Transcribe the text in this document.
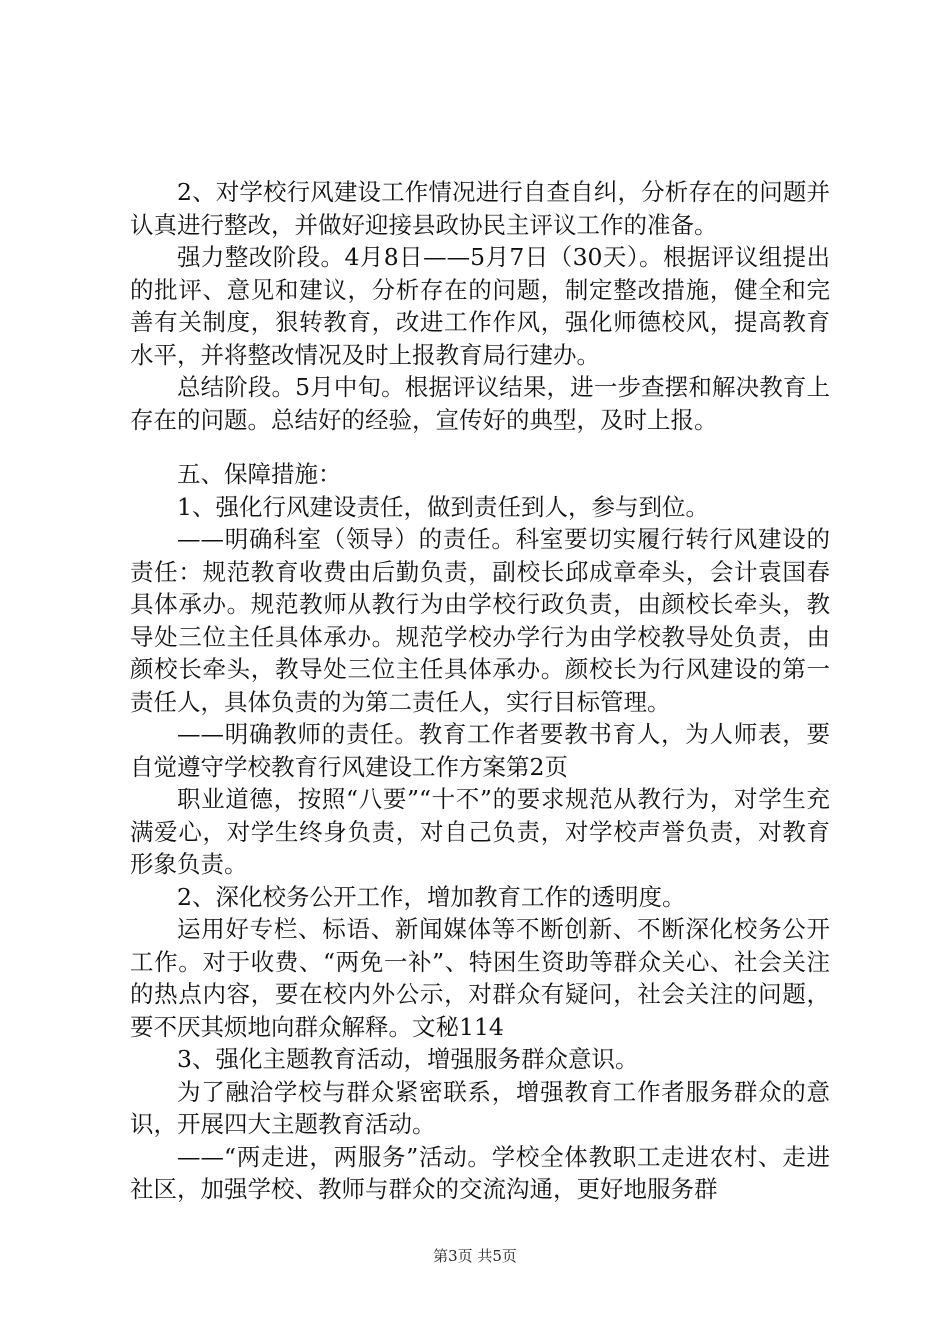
2、对学校行风建设工作情况进行自查自纠，分析存在的问题并认真进行整改，并做好迎接县政协民主评议工作的准备。

强力整改阶段。4月8日——5月7日（30天）。根据评议组提出的批评、意见和建议，分析存在的问题，制定整改措施，健全和完善有关制度，狠转教育，改进工作作风，强化师德校风，提高教育水平，并将整改情况及时上报教育局行建办。

总结阶段。5月中旬。根据评议结果，进一步查摆和解决教育上存在的问题。总结好的经验，宣传好的典型，及时上报。

五、保障措施：

1、强化行风建设责任，做到责任到人，参与到位。

——明确科室（领导）的责任。科室要切实履行转行风建设的责任：规范教育收费由后勤负责，副校长邱成章牵头，会计袁国春具体承办。规范教师从教行为由学校行政负责，由颜校长牵头，教导处三位主任具体承办。规范学校办学行为由学校教导处负责，由颜校长牵头，教导处三位主任具体承办。颜校长为行风建设的第一责任人，具体负责的为第二责任人，实行目标管理。

——明确教师的责任。教育工作者要教书育人，为人师表，要自觉遵守学校教育行风建设工作方案第2页

职业道德，按照“八要”“十不”的要求规范从教行为，对学生充满爱心，对学生终身负责，对自己负责，对学校声誉负责，对教育形象负责。

2、深化校务公开工作，增加教育工作的透明度。

运用好专栏、标语、新闻媒体等不断创新、不断深化校务公开工作。对于收费、“两免一补”、特困生资助等群众关心、社会关注的热点内容，要在校内外公示，对群众有疑问，社会关注的问题，要不厌其烦地向群众解释。文秘114

3、强化主题教育活动，增强服务群众意识。

为了融洽学校与群众紧密联系，增强教育工作者服务群众的意识，开展四大主题教育活动。

——“两走进，两服务”活动。学校全体教职工走进农村、走进社区，加强学校、教师与群众的交流沟通，更好地服务群

第3页 共5页
